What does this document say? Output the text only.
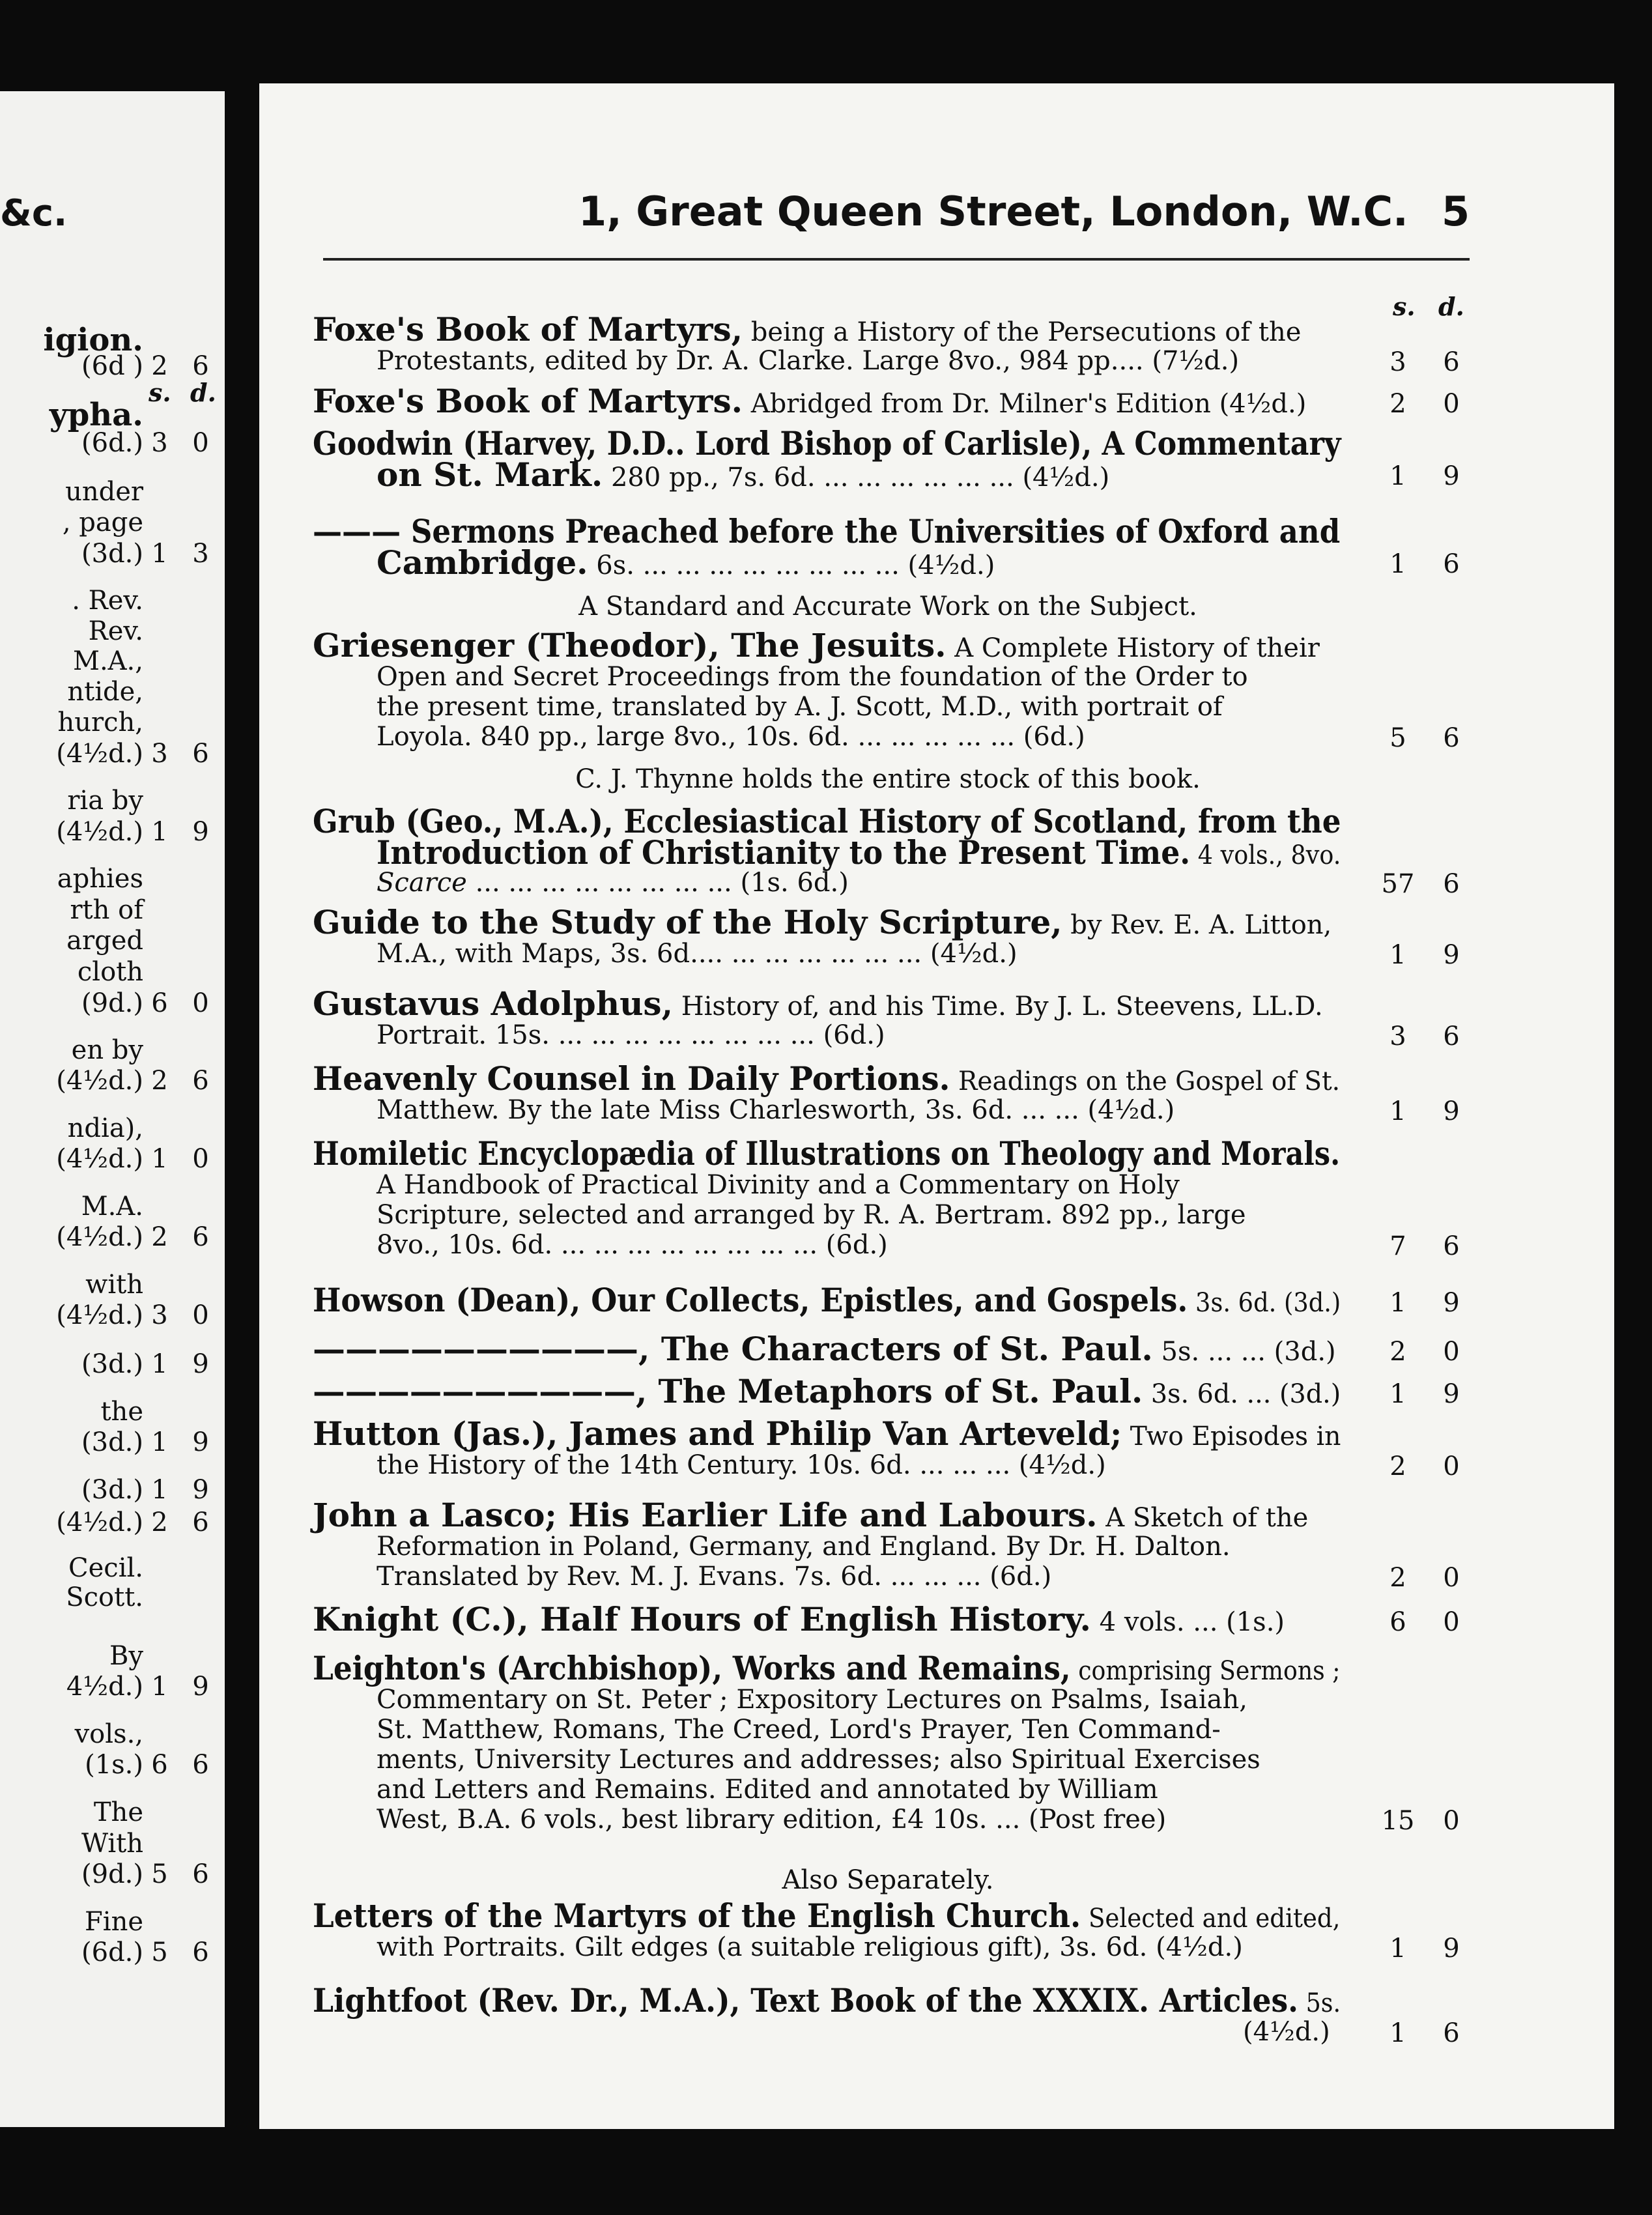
&c.
s. d.
igion.
(6d ) 2 6
ypha.
(6d.) 3 0
under
, page
(3d.) 1 3
. Rev.
Rev.
M.A.,
ntide,
hurch,
(4½d.) 3 6
ria by
(4½d.) 1 9
aphies
rth of
arged
cloth
(9d.) 6 0
en by
(4½d.) 2 6
ndia),
(4½d.) 1 0
M.A.
(4½d.) 2 6
with
(4½d.) 3 0
(3d.) 1 9
the
(3d.) 1 9
(3d.) 1 9
(4½d.) 2 6
Cecil.
Scott.
By
4½d.) 1 9
vols.,
(1s.) 6 6
The
With
(9d.) 5 6
Fine
(6d.) 5 6
1, Great Queen Street, London, W.C. 5
s. d.
Foxe's Book of Martyrs, being a History of the Persecutions of the
Protestants, edited by Dr. A. Clarke. Large 8vo., 984 pp.... (7½d.)	3	6
Foxe's Book of Martyrs. Abridged from Dr. Milner's Edition (4½d.)	2	0
Goodwin (Harvey, D.D.. Lord Bishop of Carlisle), A Commentary
on St. Mark. 280 pp., 7s. 6d. ... ... ... ... ... ... (4½d.)	1	9
——— Sermons Preached before the Universities of Oxford and
Cambridge. 6s. ... ... ... ... ... ... ... ... (4½d.)	1	6
A Standard and Accurate Work on the Subject.
Griesenger (Theodor), The Jesuits. A Complete History of their
Open and Secret Proceedings from the foundation of the Order to
the present time, translated by A. J. Scott, M.D., with portrait of
Loyola. 840 pp., large 8vo., 10s. 6d. ... ... ... ... ... (6d.)	5	6
C. J. Thynne holds the entire stock of this book.
Grub (Geo., M.A.), Ecclesiastical History of Scotland, from the
Introduction of Christianity to the Present Time. 4 vols., 8vo.
Scarce ... ... ... ... ... ... ... ... (1s. 6d.)	57	6
Guide to the Study of the Holy Scripture, by Rev. E. A. Litton,
M.A., with Maps, 3s. 6d.... ... ... ... ... ... ... (4½d.)	1	9
Gustavus Adolphus, History of, and his Time. By J. L. Steevens, LL.D.
Portrait. 15s. ... ... ... ... ... ... ... ... (6d.)	3	6
Heavenly Counsel in Daily Portions. Readings on the Gospel of St.
Matthew. By the late Miss Charlesworth, 3s. 6d. ... ... (4½d.)	1	9
Homiletic Encyclopædia of Illustrations on Theology and Morals.
A Handbook of Practical Divinity and a Commentary on Holy
Scripture, selected and arranged by R. A. Bertram. 892 pp., large
8vo., 10s. 6d. ... ... ... ... ... ... ... ... (6d.)	7	6
Howson (Dean), Our Collects, Epistles, and Gospels. 3s. 6d. (3d.)	1	9
——————————, The Characters of St. Paul. 5s. ... ... (3d.)	2	0
——————————, The Metaphors of St. Paul. 3s. 6d. ... (3d.)	1	9
Hutton (Jas.), James and Philip Van Arteveld; Two Episodes in
the History of the 14th Century. 10s. 6d. ... ... ... (4½d.)	2	0
John a Lasco; His Earlier Life and Labours. A Sketch of the
Reformation in Poland, Germany, and England. By Dr. H. Dalton.
Translated by Rev. M. J. Evans. 7s. 6d. ... ... ... (6d.)	2	0
Knight (C.), Half Hours of English History. 4 vols. ... (1s.)	6	0
Leighton's (Archbishop), Works and Remains, comprising Sermons ;
Commentary on St. Peter ; Expository Lectures on Psalms, Isaiah,
St. Matthew, Romans, The Creed, Lord's Prayer, Ten Command-
ments, University Lectures and addresses; also Spiritual Exercises
and Letters and Remains. Edited and annotated by William
West, B.A. 6 vols., best library edition, £4 10s. ... (Post free)	15	0
Also Separately.
Letters of the Martyrs of the English Church. Selected and edited,
with Portraits. Gilt edges (a suitable religious gift), 3s. 6d. (4½d.)	1	9
Lightfoot (Rev. Dr., M.A.), Text Book of the XXXIX. Articles. 5s.
(4½d.)	1	6
